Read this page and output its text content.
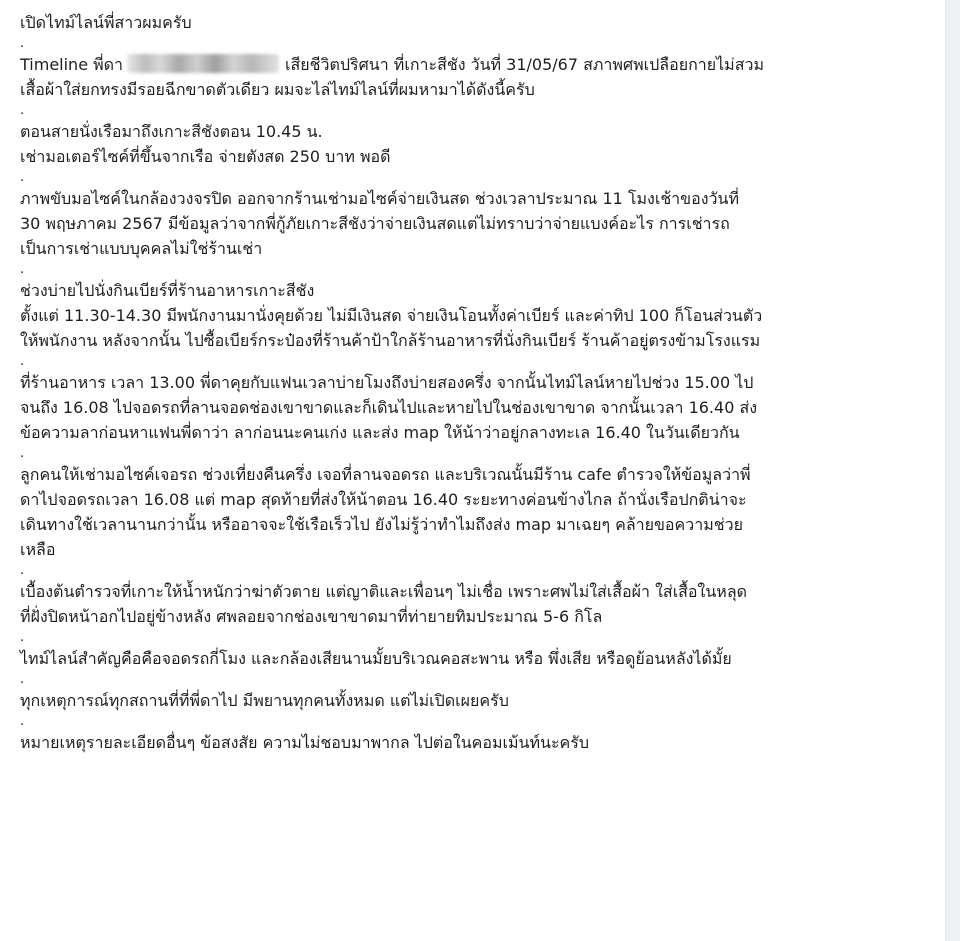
เปิดไทม์ไลน์พี่สาวผมครับ
.
Timeline พี่ดา	เสียชีวิตปริศนา ที่เกาะสีชัง วันที่ 31/05/67 สภาพศพเปลือยกายไม่สวม
เสื้อผ้าใส่ยกทรงมีรอยฉีกขาดตัวเดียว ผมจะไล่ไทม์ไลน์ที่ผมหามาได้ดังนี้ครับ
.
ตอนสายนั่งเรือมาถึงเกาะสีชังตอน 10.45 น.
เช่ามอเตอร์ไซค์ที่ขึ้นจากเรือ จ่ายตังสด 250 บาท พอดี
.
ภาพขับมอไซค์ในกล้องวงจรปิด ออกจากร้านเช่ามอไซค์จ่ายเงินสด ช่วงเวลาประมาณ 11 โมงเช้าของวันที่
30 พฤษภาคม 2567 มีข้อมูลว่าจากพี่กู้ภัยเกาะสีชังว่าจ่ายเงินสดแต่ไม่ทราบว่าจ่ายแบงค์อะไร การเช่ารถ
เป็นการเช่าแบบบุคคลไม่ใช่ร้านเช่า
.
ช่วงบ่ายไปนั่งกินเบียร์ที่ร้านอาหารเกาะสีชัง
ตั้งแต่ 11.30-14.30 มีพนักงานมานั่งคุยด้วย ไม่มีเงินสด จ่ายเงินโอนทั้งค่าเบียร์ และค่าทิป 100 ก็โอนส่วนตัว
ให้พนักงาน หลังจากนั้น ไปซื้อเบียร์กระป๋องที่ร้านค้าป้าใกล้ร้านอาหารที่นั่งกินเบียร์ ร้านค้าอยู่ตรงข้ามโรงแรม
.
ที่ร้านอาหาร เวลา 13.00 พี่ดาคุยกับแฟนเวลาบ่ายโมงถึงบ่ายสองครึ่ง จากนั้นไทม์ไลน์หายไปช่วง 15.00 ไป
จนถึง 16.08 ไปจอดรถที่ลานจอดช่องเขาขาดและก็เดินไปและหายไปในช่องเขาขาด จากนั้นเวลา 16.40 ส่ง
ข้อความลาก่อนหาแฟนพี่ดาว่า ลาก่อนนะคนเก่ง และส่ง map ให้น้าว่าอยู่กลางทะเล 16.40 ในวันเดียวกัน
.
ลูกคนให้เช่ามอไซค์เจอรถ ช่วงเที่ยงคืนครึ่ง เจอที่ลานจอดรถ และบริเวณนั้นมีร้าน cafe ตำรวจให้ข้อมูลว่าพี่
ดาไปจอดรถเวลา 16.08 แต่ map สุดท้ายที่ส่งให้น้าตอน 16.40 ระยะทางค่อนข้างไกล ถ้านั่งเรือปกติน่าจะ
เดินทางใช้เวลานานกว่านั้น หรืออาจจะใช้เรือเร็วไป ยังไม่รู้ว่าทำไมถึงส่ง map มาเฉยๆ คล้ายขอความช่วย
เหลือ
.
เบื้องต้นตำรวจที่เกาะให้น้ำหนักว่าฆ่าตัวตาย แต่ญาติและเพื่อนๆ ไม่เชื่อ เพราะศพไม่ใส่เสื้อผ้า ใส่เสื้อในหลุด
ที่ฝั่งปิดหน้าอกไปอยู่ข้างหลัง ศพลอยจากช่องเขาขาดมาที่ท่ายายทิมประมาณ 5-6 กิโล
.
ไทม์ไลน์สำคัญคือคือจอดรถกี่โมง และกล้องเสียนานมั้ยบริเวณคอสะพาน หรือ พึ่งเสีย หรือดูย้อนหลังได้มั้ย
.
ทุกเหตุการณ์ทุกสถานที่ที่พี่ดาไป มีพยานทุกคนทั้งหมด แต่ไม่เปิดเผยครับ
.
หมายเหตุรายละเอียดอื่นๆ ข้อสงสัย ความไม่ชอบมาพากล ไปต่อในคอมเม้นท์นะครับ
